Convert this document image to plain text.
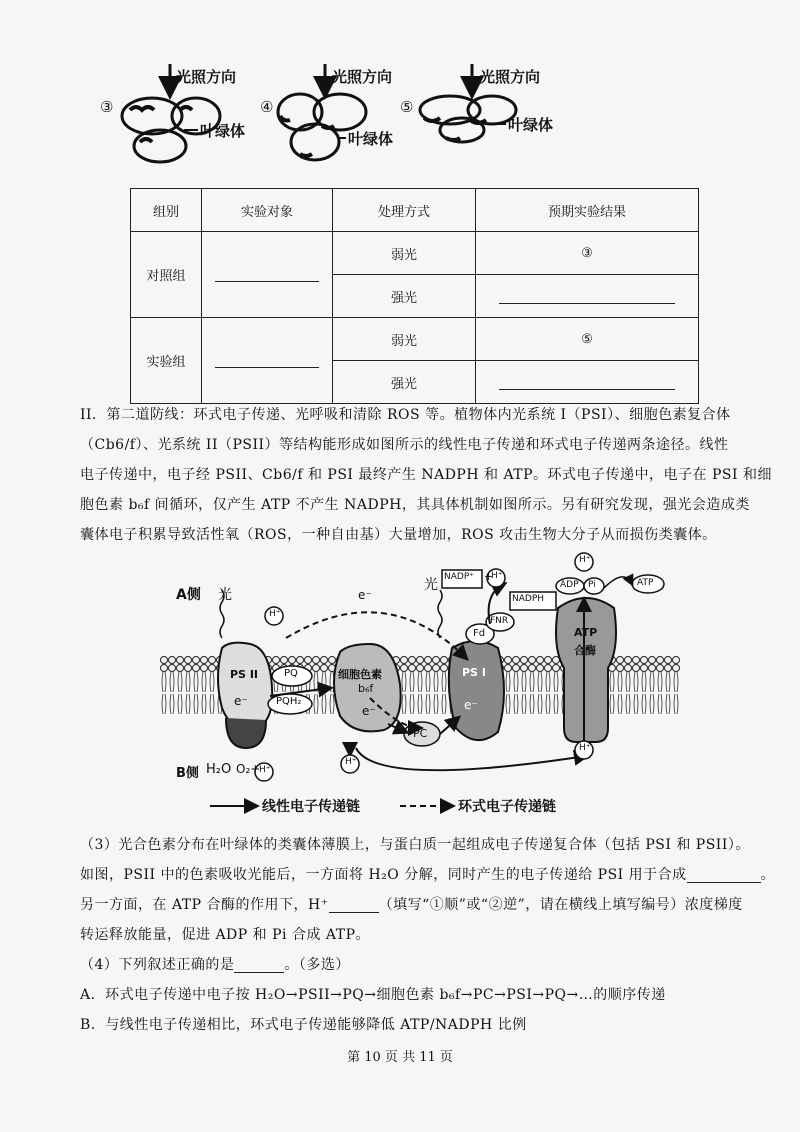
③
光照方向
叶绿体
④
光照方向
叶绿体
⑤
光照方向
叶绿体
组别	实验对象	处理方式	预期实验结果
对照组		弱光	③
		强光	
实验组		弱光	⑤
		强光	
II．第二道防线：环式电子传递、光呼吸和清除 ROS 等。植物体内光系统 I（PSI）、细胞色素复合体
（Cb6/f）、光系统 II（PSII）等结构能形成如图所示的线性电子传递和环式电子传递两条途径。线性
电子传递中，电子经 PSII、Cb6/f 和 PSI 最终产生 NADPH 和 ATP。环式电子传递中，电子在 PSI 和细
胞色素 b₆f 间循环，仅产生 ATP 不产生 NADPH，其具体机制如图所示。另有研究发现，强光会造成类
囊体电子积累导致活性氧（ROS，一种自由基）大量增加，ROS 攻击生物大分子从而损伤类囊体。
A侧 光
光
B侧 H₂O O₂+
H⁺
H⁺
H⁺
H⁺
H⁺
H⁺
e⁻
PS II
e⁻
PQ
PQH₂
细胞色素
b₆f
e⁻
PC
PS I
e⁻
Fd
FNR
NADP⁺ +
NADPH
ADP Pi	ATP
ATP
合酶
线性电子传递链	环式电子传递链
（3）光合色素分布在叶绿体的类囊体薄膜上，与蛋白质一起组成电子传递复合体（包括 PSI 和 PSII）。
如图，PSII 中的色素吸收光能后，一方面将 H₂O 分解，同时产生的电子传递给 PSI 用于合成	。
另一方面，在 ATP 合酶的作用下，H⁺	（填写“①顺”或“②逆”，请在横线上填写编号）浓度梯度
转运释放能量，促进 ADP 和 Pi 合成 ATP。
（4）下列叙述正确的是	。（多选）
A．环式电子传递中电子按 H₂O→PSII→PQ→细胞色素 b₆f→PC→PSI→PQ→…的顺序传递
B．与线性电子传递相比，环式电子传递能够降低 ATP/NADPH 比例
第 10 页 共 11 页
